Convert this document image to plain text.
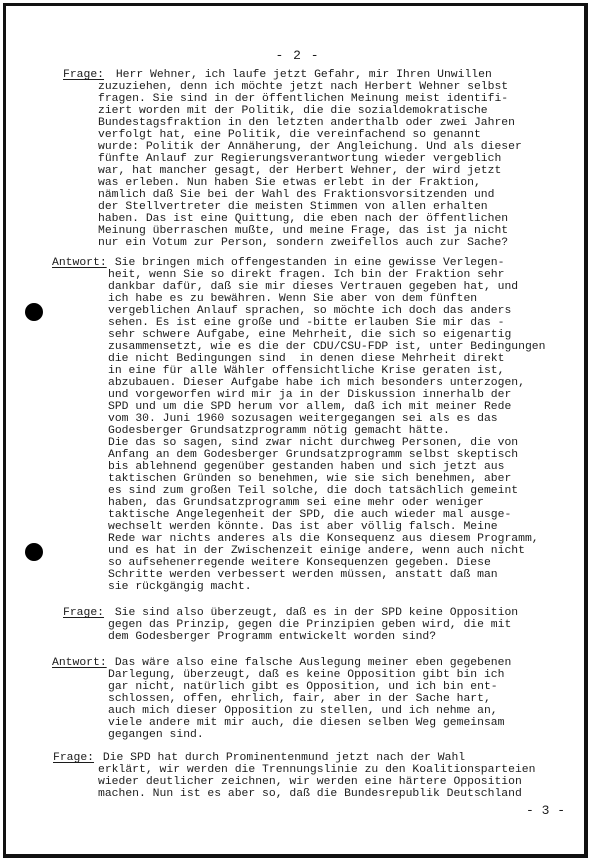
- 2 -
Frage: Herr Wehner, ich laufe jetzt Gefahr, mir Ihren Unwillen
zuzuziehen, denn ich möchte jetzt nach Herbert Wehner selbst
fragen. Sie sind in der öffentlichen Meinung meist identifi-
ziert worden mit der Politik, die die sozialdemokratische
Bundestagsfraktion in den letzten anderthalb oder zwei Jahren
verfolgt hat, eine Politik, die vereinfachend so genannt
wurde: Politik der Annäherung, der Angleichung. Und als dieser
fünfte Anlauf zur Regierungsverantwortung wieder vergeblich
war, hat mancher gesagt, der Herbert Wehner, der wird jetzt
was erleben. Nun haben Sie etwas erlebt in der Fraktion,
nämlich daß Sie bei der Wahl des Fraktionsvorsitzenden und
der Stellvertreter die meisten Stimmen von allen erhalten
haben. Das ist eine Quittung, die eben nach der öffentlichen
Meinung überraschen mußte, und meine Frage, das ist ja nicht
nur ein Votum zur Person, sondern zweifellos auch zur Sache?
Antwort: Sie bringen mich offengestanden in eine gewisse Verlegen-
heit, wenn Sie so direkt fragen. Ich bin der Fraktion sehr
dankbar dafür, daß sie mir dieses Vertrauen gegeben hat, und
ich habe es zu bewähren. Wenn Sie aber von dem fünften
vergeblichen Anlauf sprachen, so möchte ich doch das anders
sehen. Es ist eine große und -bitte erlauben Sie mir das -
sehr schwere Aufgabe, eine Mehrheit, die sich so eigenartig
zusammensetzt, wie es die der CDU/CSU-FDP ist, unter Bedingungen
die nicht Bedingungen sind  in denen diese Mehrheit direkt
in eine für alle Wähler offensichtliche Krise geraten ist,
abzubauen. Dieser Aufgabe habe ich mich besonders unterzogen,
und vorgeworfen wird mir ja in der Diskussion innerhalb der
SPD und um die SPD herum vor allem, daß ich mit meiner Rede
vom 30. Juni 1960 sozusagen weitergegangen sei als es das
Godesberger Grundsatzprogramm nötig gemacht hätte.
Die das so sagen, sind zwar nicht durchweg Personen, die von
Anfang an dem Godesberger Grundsatzprogramm selbst skeptisch
bis ablehnend gegenüber gestanden haben und sich jetzt aus
taktischen Gründen so benehmen, wie sie sich benehmen, aber
es sind zum großen Teil solche, die doch tatsächlich gemeint
haben, das Grundsatzprogramm sei eine mehr oder weniger
taktische Angelegenheit der SPD, die auch wieder mal ausge-
wechselt werden könnte. Das ist aber völlig falsch. Meine
Rede war nichts anderes als die Konsequenz aus diesem Programm,
und es hat in der Zwischenzeit einige andere, wenn auch nicht
so aufsehenerregende weitere Konsequenzen gegeben. Diese
Schritte werden verbessert werden müssen, anstatt daß man
sie rückgängig macht.
Frage: Sie sind also überzeugt, daß es in der SPD keine Opposition
gegen das Prinzip, gegen die Prinzipien geben wird, die mit
dem Godesberger Programm entwickelt worden sind?
Antwort: Das wäre also eine falsche Auslegung meiner eben gegebenen
Darlegung, überzeugt, daß es keine Opposition gibt bin ich
gar nicht, natürlich gibt es Opposition, und ich bin ent-
schlossen, offen, ehrlich, fair, aber in der Sache hart,
auch mich dieser Opposition zu stellen, und ich nehme an,
viele andere mit mir auch, die diesen selben Weg gemeinsam
gegangen sind.
Frage: Die SPD hat durch Prominentenmund jetzt nach der Wahl
erklärt, wir werden die Trennungslinie zu den Koalitionsparteien
wieder deutlicher zeichnen, wir werden eine härtere Opposition
machen. Nun ist es aber so, daß die Bundesrepublik Deutschland
- 3 -
